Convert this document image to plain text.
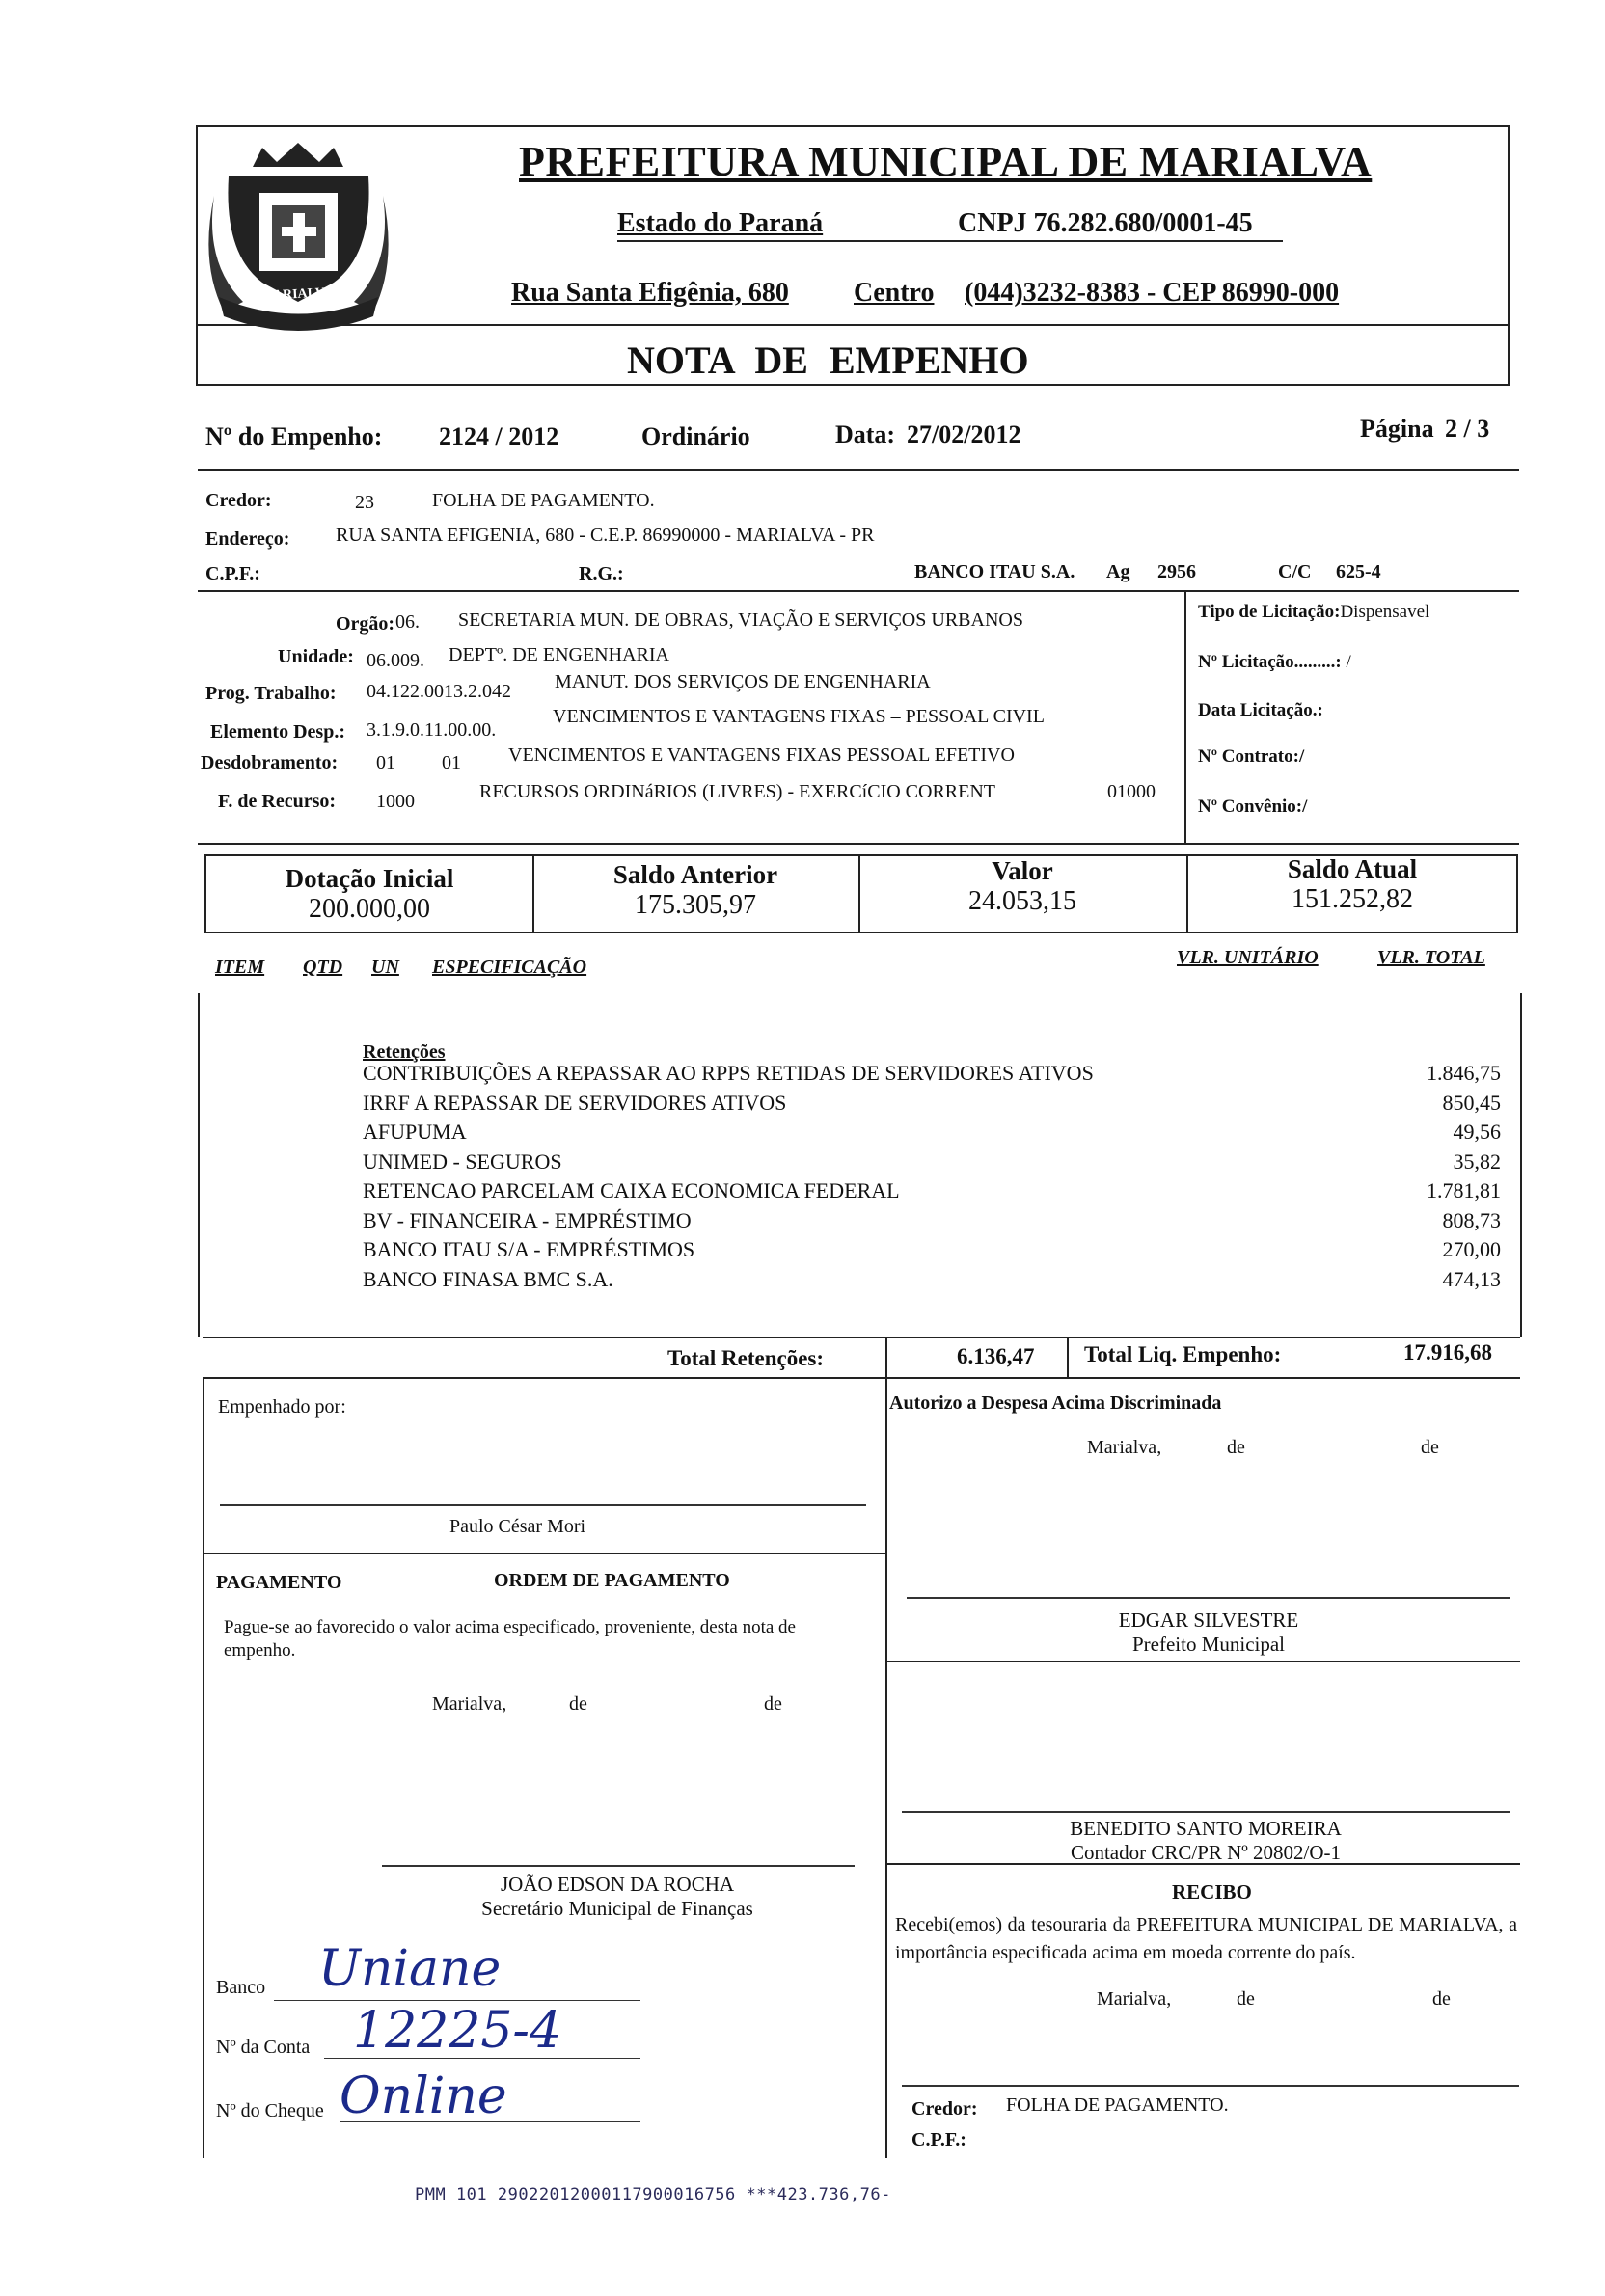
MARIALVA
PREFEITURA MUNICIPAL DE MARIALVA
Estado do Paraná	CNPJ 76.282.680/0001-45
Rua Santa Efigênia, 680 Centro (044)3232-8383 - CEP 86990-000
NOTA DE EMPENHO
Nº do Empenho: 2124 / 2012	Ordinário	Data: 27/02/2012	Página 2 / 3
Credor:	23	FOLHA DE PAGAMENTO.
Endereço: RUA SANTA EFIGENIA, 680 - C.E.P. 86990000 - MARIALVA - PR
C.P.F.:	R.G.:	BANCO ITAU S.A. Ag 2956	C/C 625-4
Orgão: 06. SECRETARIA MUN. DE OBRAS, VIAÇÃO E SERVIÇOS URBANOS
Unidade: 06.009. DEPTº. DE ENGENHARIA
Prog. Trabalho: 04.122.0013.2.042 MANUT. DOS SERVIÇOS DE ENGENHARIA
Elemento Desp.: 3.1.9.0.11.00.00.
VENCIMENTOS E VANTAGENS FIXAS – PESSOAL CIVIL
Desdobramento: 01 01 VENCIMENTOS E VANTAGENS FIXAS PESSOAL EFETIVO
F. de Recurso: 1000	RECURSOS ORDINáRIOS (LIVRES) - EXERCíCIO CORRENT	01000
Tipo de Licitação:Dispensavel
Nº Licitação.........: /
Data Licitação.:
Nº Contrato:/
Nº Convênio:/
Dotação Inicial
200.000,00
Saldo Anterior
175.305,97
Valor
24.053,15
Saldo Atual
151.252,82
ITEM QTD UN ESPECIFICAÇÃO	VLR. UNITÁRIO	VLR. TOTAL
Retenções
CONTRIBUIÇÕES A REPASSAR AO RPPS RETIDAS DE SERVIDORES ATIVOS	1.846,75
IRRF A REPASSAR DE SERVIDORES ATIVOS	850,45
AFUPUMA	49,56
UNIMED - SEGUROS	35,82
RETENCAO PARCELAM CAIXA ECONOMICA FEDERAL	1.781,81
BV - FINANCEIRA - EMPRÉSTIMO	808,73
BANCO ITAU S/A - EMPRÉSTIMOS	270,00
BANCO FINASA BMC S.A.	474,13
Total Retenções:	6.136,47 Total Liq. Empenho:	17.916,68
Empenhado por:	Autorizo a Despesa Acima Discriminada
Marialva,	de	de
Paulo César Mori
PAGAMENTO	ORDEM DE PAGAMENTO
Pague-se ao favorecido o valor acima especificado, proveniente, desta nota de empenho.
Marialva,	de	de
EDGAR SILVESTRE
Prefeito Municipal
BENEDITO SANTO MOREIRA
Contador CRC/PR Nº 20802/O-1
JOÃO EDSON DA ROCHA
Secretário Municipal de Finanças
RECIBO
Recebi(emos) da tesouraria da PREFEITURA MUNICIPAL DE MARIALVA, a importância especificada acima em moeda corrente do país.
Marialva,	de	de
Banco Uniane
Nº da Conta 12225-4
Nº do Cheque Online	Credor: FOLHA DE PAGAMENTO.
C.P.F.:
PMM 101 29022012000117900016756 ***423.736,76-
